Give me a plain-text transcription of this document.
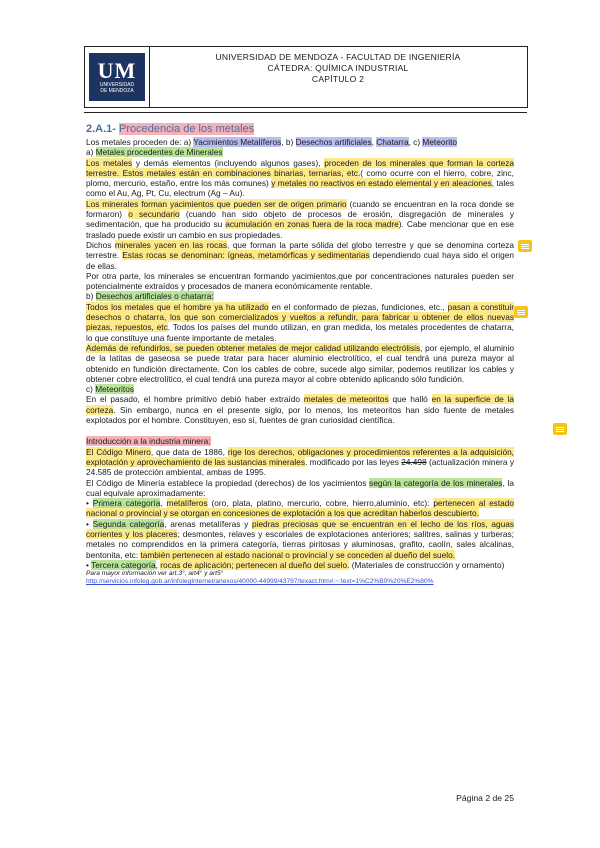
UM
UNIVERSIDAD
DE MENDOZA
UNIVERSIDAD DE MENDOZA - FACULTAD DE INGENIERÍA
CÁTEDRA: QUÍMICA INDUSTRIAL
CAPÍTULO 2
2.A.1- Procedencia de los metales

Los metales proceden de: a) Yacimientos Metalíferos, b) Desechos artificiales, Chatarra, c) Meteorito

a) Metales procedentes de Minerales

Los metales y demás elementos (incluyendo algunos gases), proceden de los minerales que forman la corteza terrestre. Estos metales están en combinaciones binarias, ternarias, etc.( como ocurre con el hierro, cobre, zinc, plomo, mercurio, estaño, entre los más comunes) y metales no reactivos en estado elemental y en aleaciones, tales como el Au, Ag, Pt, Cu, electrum (Ag – Au).

Los minerales forman yacimientos que pueden ser de origen primario (cuando se encuentran en la roca donde se formaron) o secundario (cuando han sido objeto de procesos de erosión, disgregación de minerales y sedimentación, que ha producido su acumulación en zonas fuera de la roca madre). Cabe mencionar que en ese traslado puede existir un cambio en sus propiedades.

Dichos minerales yacen en las rocas, que forman la parte sólida del globo terrestre y que se denomina corteza terrestre. Estas rocas se denominan: ígneas, metamórficas y sedimentarias dependiendo cual haya sido el origen de ellas.

Por otra parte, los minerales se encuentran formando yacimientos,que por concentraciones naturales pueden ser potencialmente extraídos y procesados de manera económicamente rentable.

b) Desechos artificiales o chatarra:

Todos los metales que el hombre ya ha utilizado en el conformado de piezas, fundiciones, etc., pasan a constituir desechos o chatarra, los que son comercializados y vueltos a refundir, para fabricar u obtener de ellos nuevas piezas, repuestos, etc. Todos los países del mundo utilizan, en gran medida, los metales procedentes de chatarra, lo que constituye una fuente importante de metales.

Además de refundirlos, se pueden obtener metales de mejor calidad utilizando electrólisis, por ejemplo, el aluminio de la latitas de gaseosa se puede tratar para hacer aluminio electrolítico, el cual tendrá una pureza mayor al obtenido en fundición directamente. Con los cables de cobre, sucede algo similar, podemos reutilizar los cables y obtener cobre electrolítico, el cual tendrá una pureza mayor al cobre obtenido aplicando sólo fundición.

c) Meteoritos

En el pasado, el hombre primitivo debió haber extraído metales de meteoritos que halló en la superficie de la corteza. Sin embargo, nunca en el presente siglo, por lo menos, los meteoritos han sido fuente de metales explotados por el hombre. Constituyen, eso sí, fuentes de gran curiosidad científica.

Introducción a la industria minera:

El Código Minero, que data de 1886, rige los derechos, obligaciones y procedimientos referentes a la adquisición, explotación y aprovechamiento de las sustancias minerales. modificado por las leyes 24.498 (actualización minera y 24.585 de protección ambiental, ambas de 1995.

El Código de Minería establece la propiedad (derechos) de los yacimientos según la categoría de los minerales, la cual equivale aproximadamente:

• Primera categoría, metalíferos (oro, plata, platino, mercurio, cobre, hierro,aluminio, etc): pertenecen al estado nacional o provincial y se otorgan en concesiones de explotación a los que acreditan haberlos descubierto.

• Segunda categoría, arenas metalíferas y piedras preciosas que se encuentran en el lecho de los ríos, aguas corrientes y los placeres; desmontes, relaves y escoriales de explotaciones anteriores; salitres, salinas y turberas; metales no comprendidos en la primera categoría, tierras piritosas y aluminosas, grafito, caolín, sales alcalinas, bentonita, etc: también pertenecen al estado nacional o provincial y se conceden al dueño del suelo.

• Tercera categoría, rocas de aplicación; pertenecen al dueño del suelo. (Materiales de construcción y ornamento)

Para mayor información ver art.3°, art4° y art5°
http://servicios.infoleg.gob.ar/infolegInternet/anexos/40000-44999/43797/texact.htm#:~:text=1%C2%B0%20%E2%80%
Página 2 de 25
